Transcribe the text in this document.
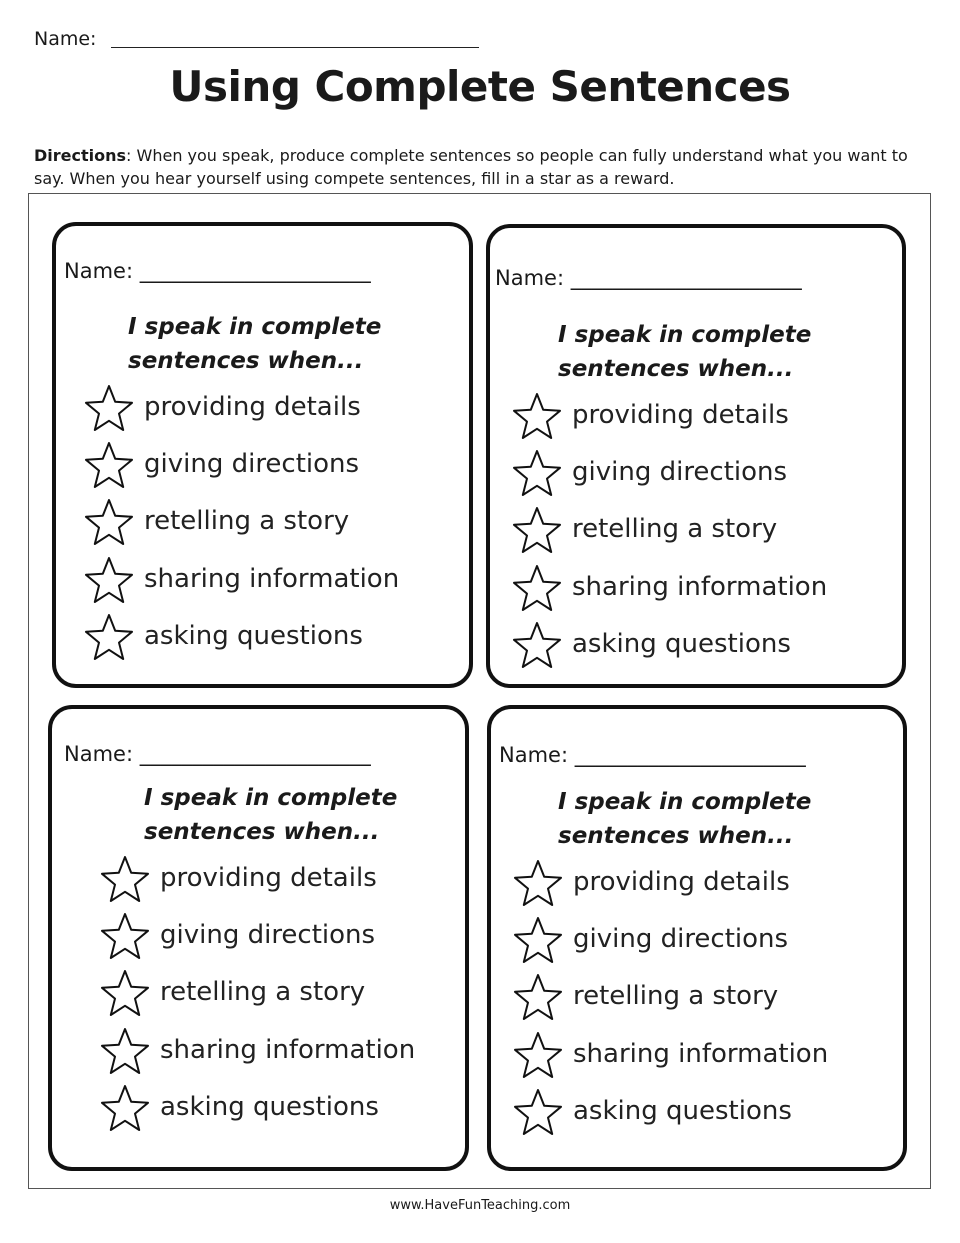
Name:
Using Complete Sentences
Directions: When you speak, produce complete sentences so people can fully understand what you want to say. When you hear yourself using compete sentences, fill in a star as a reward.
Name: ______________________
I speak in complete
sentences when...
providing details
giving directions
retelling a story
sharing information
asking questions
Name: ______________________
I speak in complete
sentences when...
providing details
giving directions
retelling a story
sharing information
asking questions
Name: ______________________
I speak in complete
sentences when...
providing details
giving directions
retelling a story
sharing information
asking questions
Name: ______________________
I speak in complete
sentences when...
providing details
giving directions
retelling a story
sharing information
asking questions
www.HaveFunTeaching.com
